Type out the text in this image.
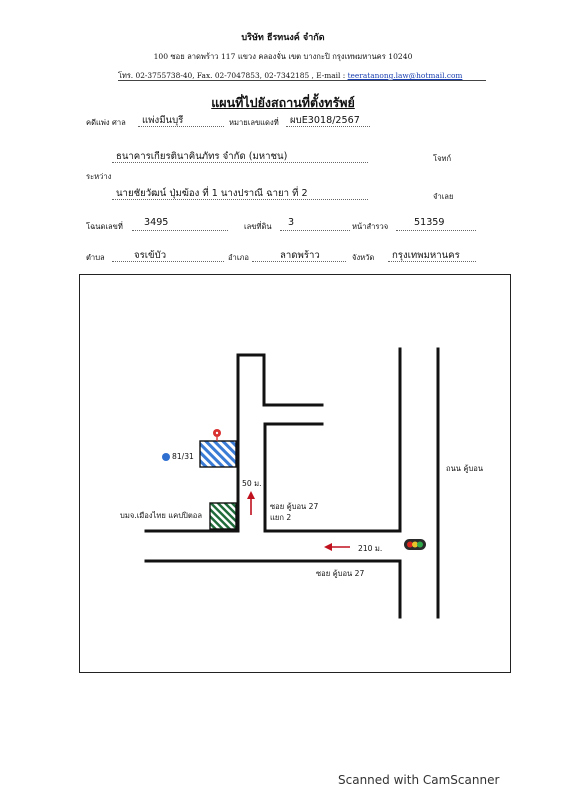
บริษัท ธีรทนงค์ จำกัด
100 ซอย ลาดพร้าว 117 แขวง คลองจั่น เขต บางกะปิ กรุงเทพมหานคร 10240
โทร. 02-3755738-40, Fax. 02-7047853, 02-7342185 , E-mail : teeratanong.law@hotmail.com
แผนที่ไปยังสถานที่ตั้งทรัพย์
คดีแพ่ง ศาล แพ่งมีนบุรี	หมายเลขแดงที่ ผบE3018/2567
ธนาคารเกียรตินาคินภัทร จำกัด (มหาชน)	โจทก์
ระหว่าง
นายชัยวัฒน์ ปุ่มฆ้อง ที่ 1 นางปราณี ฉายา ที่ 2	จำเลย
โฉนดเลขที่ 3495	เลขที่ดิน 3	หน้าสำรวจ	51359
ตำบล	จรเข้บัว	อำเภอ	ลาดพร้าว	จังหวัด กรุงเทพมหานคร
81/31
บมจ.เมืองไทย แคปปิตอล
50 ม.
ซอย คู้บอน 27
แยก 2
210 ม.
ซอย คู้บอน 27
ถนน คู้บอน
Scanned with CamScanner
